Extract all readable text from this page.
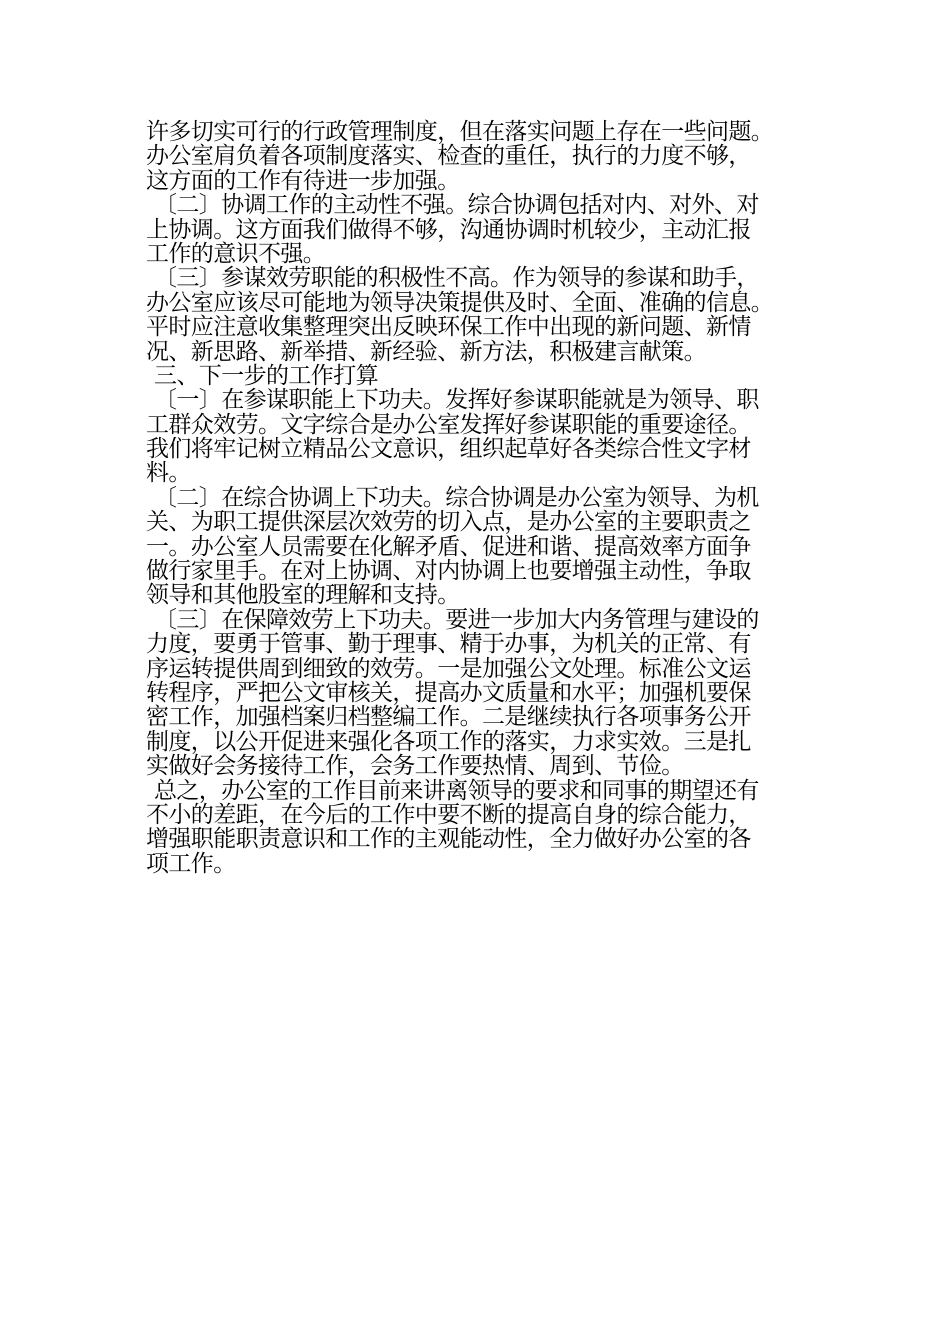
许多切实可行的行政管理制度，但在落实问题上存在一些问题。
办公室肩负着各项制度落实、检查的重任，执行的力度不够，
这方面的工作有待进一步加强。
〔二〕协调工作的主动性不强。综合协调包括对内、对外、对
上协调。这方面我们做得不够，沟通协调时机较少，主动汇报
工作的意识不强。
〔三〕参谋效劳职能的积极性不高。作为领导的参谋和助手，
办公室应该尽可能地为领导决策提供及时、全面、准确的信息。
平时应注意收集整理突出反映环保工作中出现的新问题、新情
况、新思路、新举措、新经验、新方法，积极建言献策。
三、下一步的工作打算
〔一〕在参谋职能上下功夫。发挥好参谋职能就是为领导、职
工群众效劳。文字综合是办公室发挥好参谋职能的重要途径。
我们将牢记树立精品公文意识，组织起草好各类综合性文字材
料。
〔二〕在综合协调上下功夫。综合协调是办公室为领导、为机
关、为职工提供深层次效劳的切入点，是办公室的主要职责之
一。办公室人员需要在化解矛盾、促进和谐、提高效率方面争
做行家里手。在对上协调、对内协调上也要增强主动性，争取
领导和其他股室的理解和支持。
〔三〕在保障效劳上下功夫。要进一步加大内务管理与建设的
力度，要勇于管事、勤于理事、精于办事，为机关的正常、有
序运转提供周到细致的效劳。一是加强公文处理。标准公文运
转程序，严把公文审核关，提高办文质量和水平；加强机要保
密工作，加强档案归档整编工作。二是继续执行各项事务公开
制度，以公开促进来强化各项工作的落实，力求实效。三是扎
实做好会务接待工作，会务工作要热情、周到、节俭。
总之，办公室的工作目前来讲离领导的要求和同事的期望还有
不小的差距，在今后的工作中要不断的提高自身的综合能力，
增强职能职责意识和工作的主观能动性，全力做好办公室的各
项工作。
